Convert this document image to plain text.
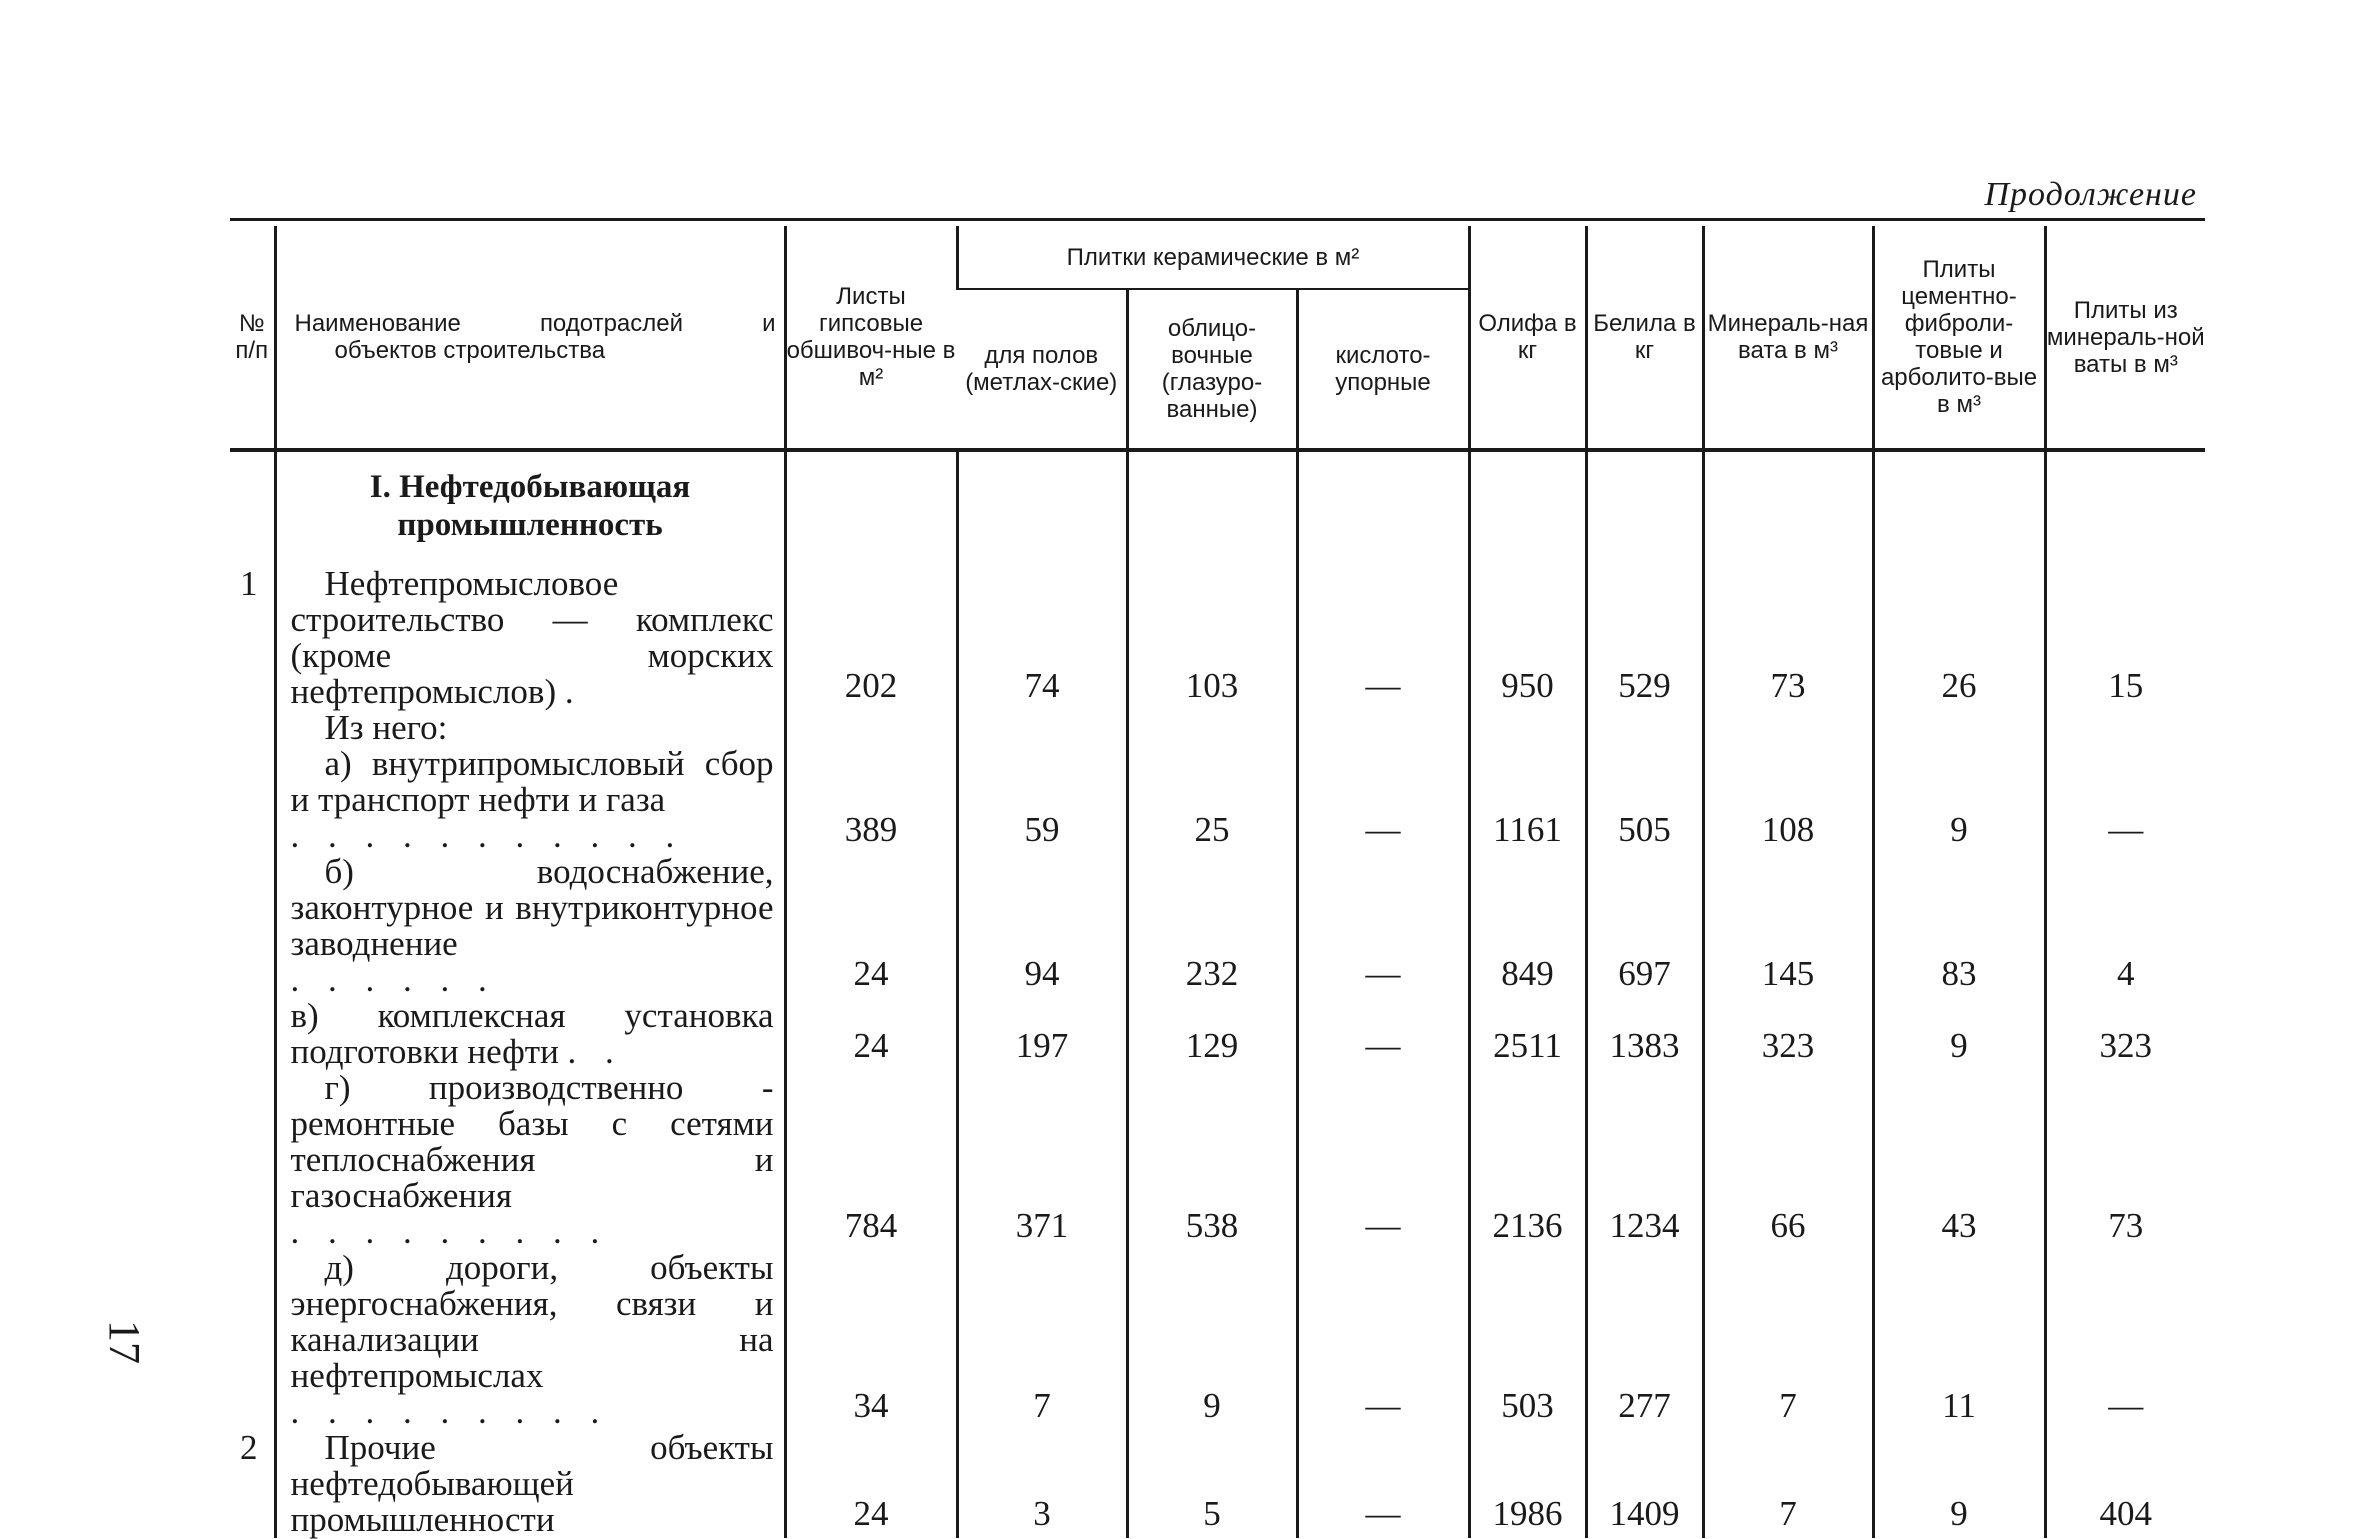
Продолжение
№ п/п	Наименование подотраслей и
объектов строительства	Листы гипсовые обшивоч-ные в м²	Плитки керамические в м²			Олифа в кг	Белила в кг	Минераль-ная вата в м³	Плиты цементно-фиброли-товые и арболито-вые в м³	Плиты из минераль-ной ваты в м³
			для полов (метлах-ские)	облицо-вочные (глазуро-ванные)	кислото-упорные					

	I. Нефтедобывающая промышленность									

1	Нефтепромысловое строительство — комплекс (кроме морских нефтепромыслов) .	202	74	103	—	950	529	73	26	15

	Из него:									

	а) внутрипромысловый сбор и транспорт нефти и газа
. . . . . . . . . . .	389	59	25	—	1161	505	108	9	—

	б) водоснабжение, законтурное и внутриконтурное заводнение
. . . . . .	24	94	232	—	849	697	145	83	4
	в) комплексная установка подготовки нефти . .	24	197	129	—	2511	1383	323	9	323

	г) производственно - ремонтные базы с сетями теплоснабжения и газоснабжения
. . . . . . . . .	784	371	538	—	2136	1234	66	43	73

	д) дороги, объекты энергоснабжения, связи и канализации на нефтепромыслах
. . . . . . . . .	34	7	9	—	503	277	7	11	—
2	Прочие объекты нефтедобывающей промышленности	24	3	5	—	1986	1409	7	9	404
17
